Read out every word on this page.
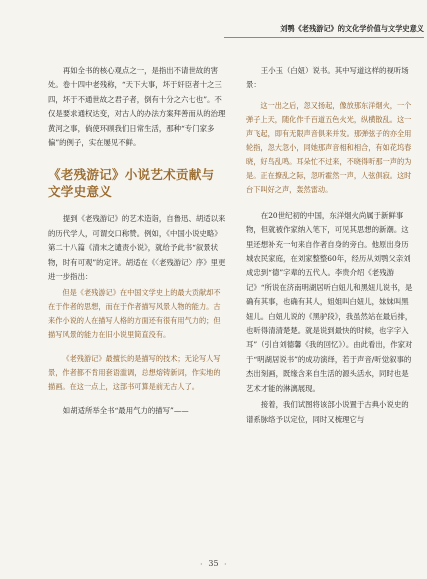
刘鹗《老残游记》的文化学价值与文学史意义

再如全书的核心观点之一，是指出不请世故的害处。卷十四中老残称，“天下大事，坏于奸臣者十之三四，坏于不通世故之君子者，倒有十分之六七也”。不仅是要求通权达变，对古人的办法方案拜善而从的治理黄河之事，倘使环顾我们日常生活，那种“专门家多偏”的例子，实在屡见不鲜。

《老残游记》小说艺术贡献与文学史意义

提到《老残游记》的艺术造诣，自鲁迅、胡适以来的历代学人，可谓交口称赞。例如，《中国小说史略》第二十八篇《清末之谴责小说》，就给予此书“叙景状物，时有可观”的定评。胡适在《〈老残游记〉序》里更进一步指出：

但是《老残游记》在中国文学史上的最大贡献却不在于作者的思想，而在于作者描写风景人物的能力。古来作小说的人在描写人格的方面还有很有用气力的；但描写风景的能力在旧小说里简直没有。

《老残游记》最擅长的是描写的技术；无论写人写景，作者都不肯用套语滥调，总想熔铸新词，作实地的描画。在这一点上，这部书可算是前无古人了。

如胡适所举全书“最用气力的描写”——

王小玉（白妞）说书。其中写道这样的视听场景：

这一出之后，忽又扬起，像放那东洋烟火，一个弹子上天，随化作千百道五色火光，纵横散乱。这一声飞起，即有无限声音俱来并发。那弹弦子的亦全用轮指，忽大忽小，同她那声音相和相合，有如花坞春晓，好鸟乱鸣。耳朵忙不过来，不晓得听那一声的为是。正在撩乱之际，忽听霍然一声，人弦俱寂。这时台下叫好之声，轰然雷动。

在20世纪初的中国，东洋烟火尚属于新鲜事物，但就被作家纳入笔下，可见其思想的新潮。这里还想补充一句来自作者自身的旁白。他原出身历城农民家庭，在刘家整整60年，经历从刘鹗父亲刘成忠到“德”字辈的五代人。李贵介绍《老残游记》“所说在济南明湖居听白妞儿和黑妞儿说书，是确有其事，也确有其人，姐姐叫白妞儿，妹妹叫黑妞儿。白妞儿说的《黑驴段》，我虽然站在最后排，也听得清清楚楚。就是说到最快的时候，也字字入耳”（引自刘德馨《我的回忆》）。由此看出，作家对于“明湖居说书”的成功演绎，若于声音/听觉叙事的杰出刻画，既缘含来自生活的源头活水，同时也是艺术才能的淋漓展现。

接着，我们试图将该部小说置于古典小说史的谱系脉络予以定位，同时又梳理它与

· 35 ·
